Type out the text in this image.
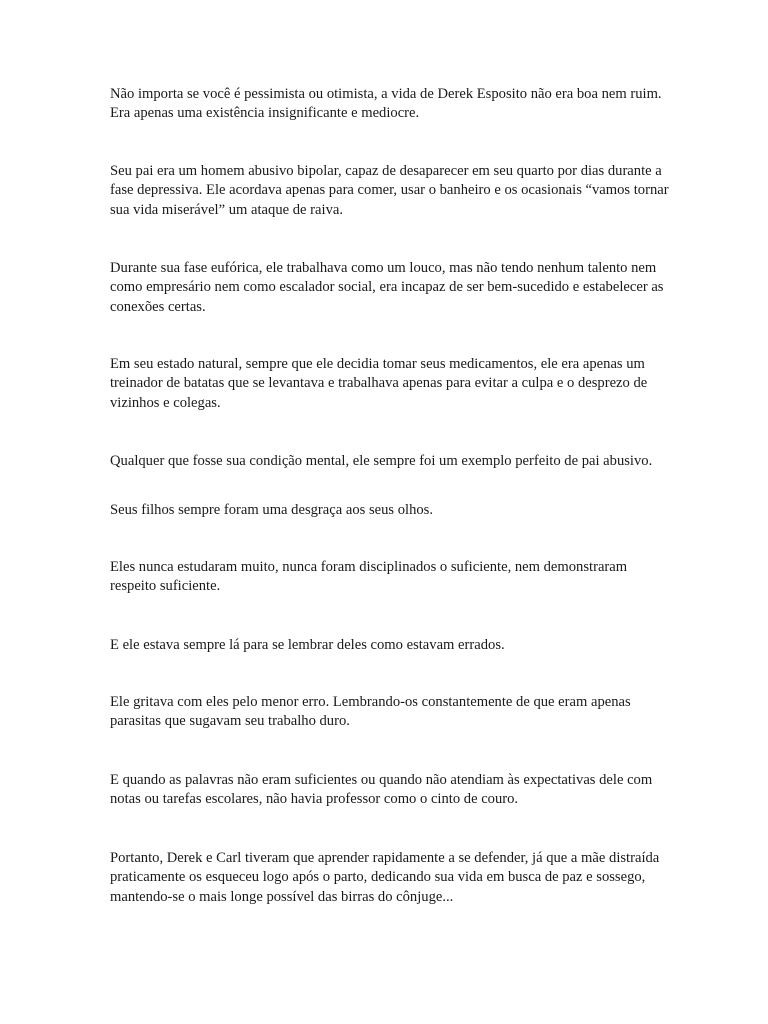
Não importa se você é pessimista ou otimista, a vida de Derek Esposito não era boa nem ruim. Era apenas uma existência insignificante e mediocre.

Seu pai era um homem abusivo bipolar, capaz de desaparecer em seu quarto por dias durante a fase depressiva. Ele acordava apenas para comer, usar o banheiro e os ocasionais “vamos tornar sua vida miserável” um ataque de raiva.

Durante sua fase eufórica, ele trabalhava como um louco, mas não tendo nenhum talento nem como empresário nem como escalador social, era incapaz de ser bem-sucedido e estabelecer as conexões certas.

Em seu estado natural, sempre que ele decidia tomar seus medicamentos, ele era apenas um treinador de batatas que se levantava e trabalhava apenas para evitar a culpa e o desprezo de vizinhos e colegas.

Qualquer que fosse sua condição mental, ele sempre foi um exemplo perfeito de pai abusivo.

Seus filhos sempre foram uma desgraça aos seus olhos.

Eles nunca estudaram muito, nunca foram disciplinados o suficiente, nem demonstraram respeito suficiente.

E ele estava sempre lá para se lembrar deles como estavam errados.

Ele gritava com eles pelo menor erro. Lembrando-os constantemente de que eram apenas parasitas que sugavam seu trabalho duro.

E quando as palavras não eram suficientes ou quando não atendiam às expectativas dele com notas ou tarefas escolares, não havia professor como o cinto de couro.

Portanto, Derek e Carl tiveram que aprender rapidamente a se defender, já que a mãe distraída praticamente os esqueceu logo após o parto, dedicando sua vida em busca de paz e sossego, mantendo-se o mais longe possível das birras do cônjuge...
